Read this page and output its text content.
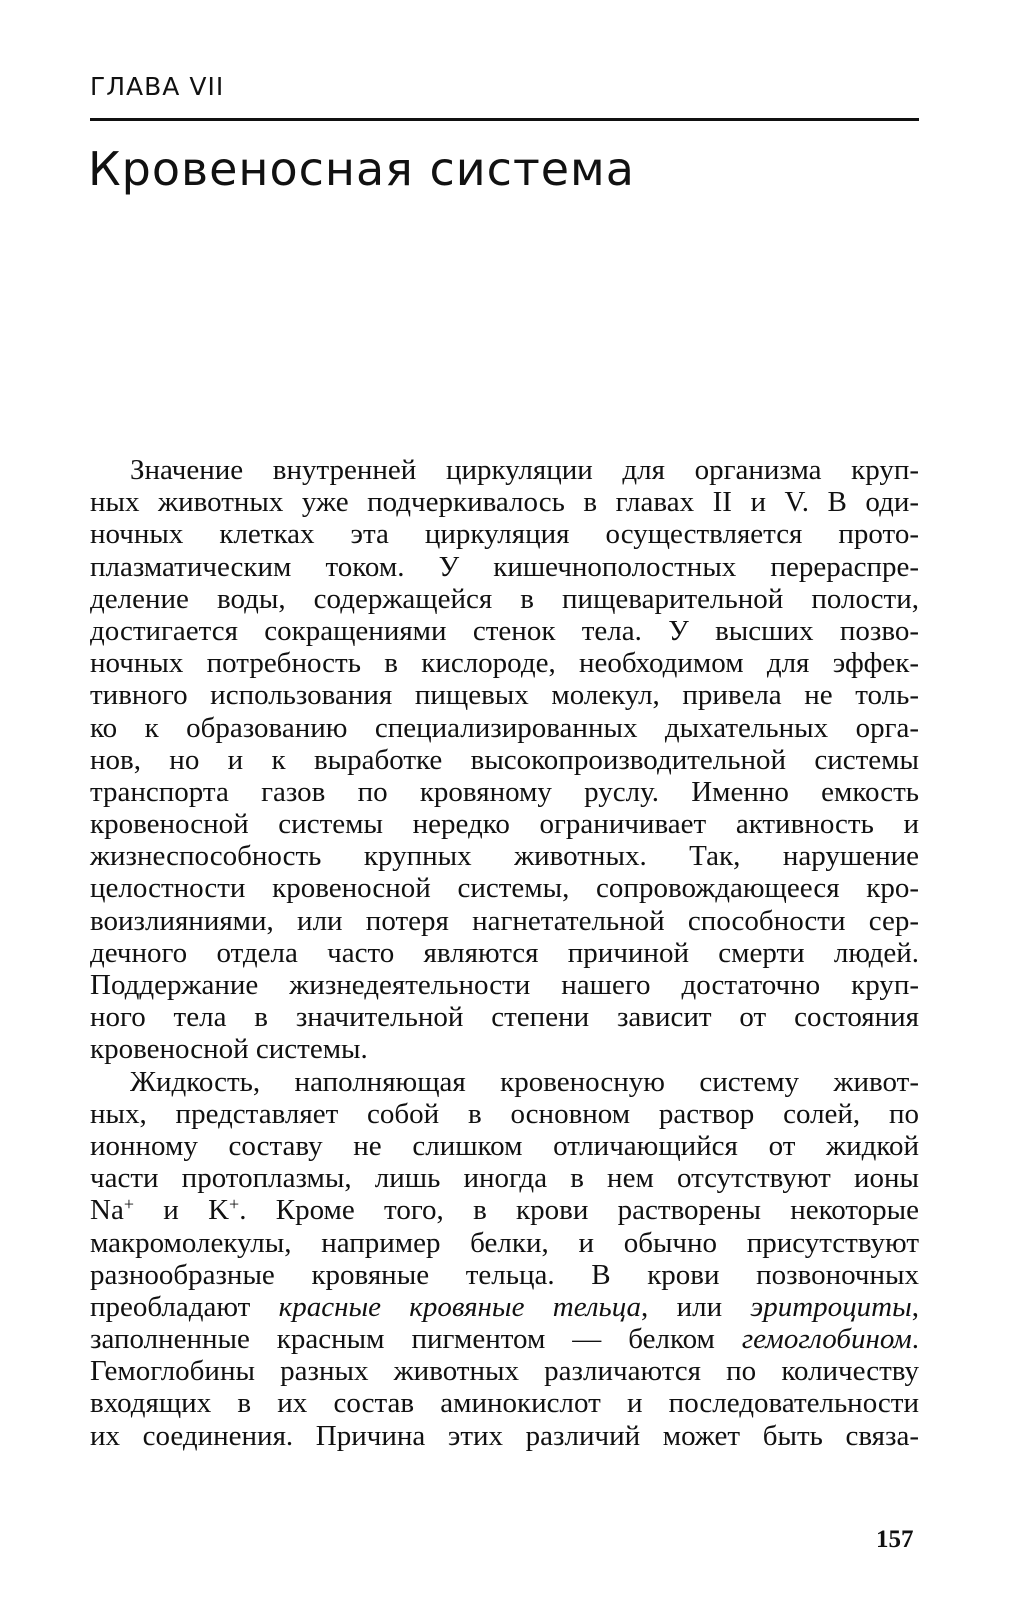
ГЛАВА VII
Кровеносная система
Значение внутренней циркуляции для организма круп-
ных животных уже подчеркивалось в главах II и V. В оди-
ночных клетках эта циркуляция осуществляется прото-
плазматическим током. У кишечнополостных перераспре-
деление воды, содержащейся в пищеварительной полости,
достигается сокращениями стенок тела. У высших позво-
ночных потребность в кислороде, необходимом для эффек-
тивного использования пищевых молекул, привела не толь-
ко к образованию специализированных дыхательных орга-
нов, но и к выработке высокопроизводительной системы
транспорта газов по кровяному руслу. Именно емкость
кровеносной системы нередко ограничивает активность и
жизнеспособность крупных животных. Так, нарушение
целостности кровеносной системы, сопровождающееся кро-
воизлияниями, или потеря нагнетательной способности сер-
дечного отдела часто являются причиной смерти людей.
Поддержание жизнедеятельности нашего достаточно круп-
ного тела в значительной степени зависит от состояния
кровеносной системы.
Жидкость, наполняющая кровеносную систему живот-
ных, представляет собой в основном раствор солей, по
ионному составу не слишком отличающийся от жидкой
части протоплазмы, лишь иногда в нем отсутствуют ионы
Na+ и K+. Кроме того, в крови растворены некоторые
макромолекулы, например белки, и обычно присутствуют
разнообразные кровяные тельца. В крови позвоночных
преобладают красные кровяные тельца, или эритроциты,
заполненные красным пигментом — белком гемоглобином.
Гемоглобины разных животных различаются по количеству
входящих в их состав аминокислот и последовательности
их соединения. Причина этих различий может быть связа-
157
